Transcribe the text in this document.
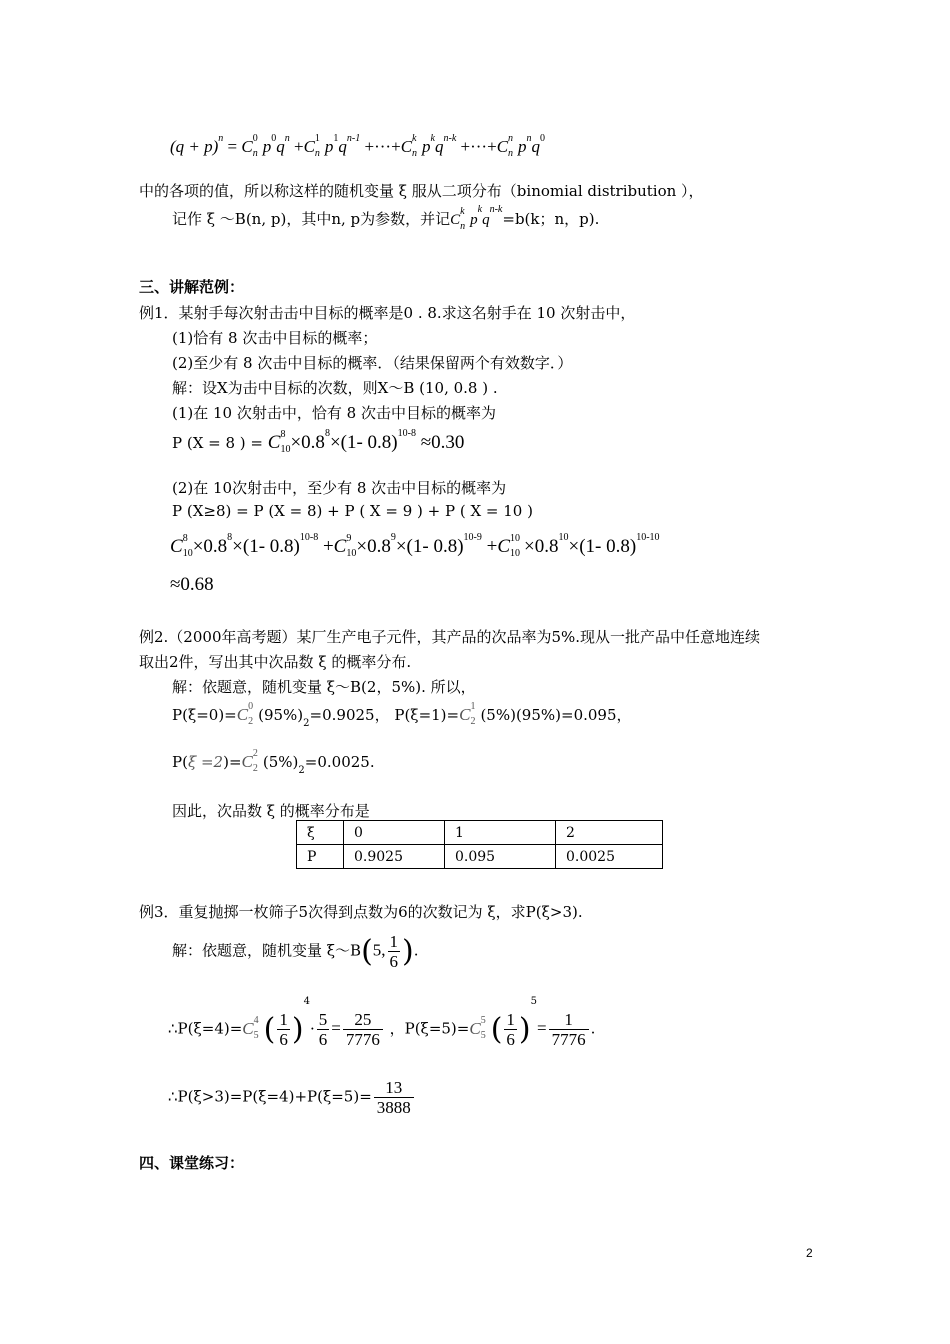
$(q + p)^n = C$ 0
n $p^0q^n +C$ 1
n $p^1q^{n-1} +\cdot\cdot\cdot+C$ k
n $p^kq^{n-k} +\cdot\cdot\cdot+C$ n
n $p^nq^0$
中的各项的值，所以称这样的随机变量 ξ 服从二项分布（binomial distribution ），
记作 ξ ～B(n, p)，其中n, p为参数，并记C
k
n $p^kq^{n-k}=b(k$；n，p).
三、讲解范例：
例1．某射手每次射击击中目标的概率是0 . 8.求这名射手在 10 次射击中，
(1)恰有 8 次击中目标的概率；
(2)至少有 8 次击中目标的概率．（结果保留两个有效数字．）
解：设X为击中目标的次数，则X～B (10, 0.8 ) .
(1)在 10 次射击中，恰有 8 次击中目标的概率为
P (X = 8 ) = C 8
$10 \times 0.8^8\times(1-$ 0.8)$^{10-8}$ ≈0.30
(2)在 10次射击中，至少有 8 次击中目标的概率为
P (X≥8) = P (X = 8) + P ( X = 9 ) + P ( X = 10 )
C 8
$10 \times 0.8^8\times(1-$ 0.8)$^{10-8}$ +C 9
$10 \times 0.8^9\times(1-$ 0.8)$^{10-9}$ +C 10
$10 \times 0.8^{10}\times(1-$ 0.8)$^{10-10}$
≈0.68
例2.（2000年高考题）某厂生产电子元件，其产品的次品率为5%.现从一批产品中任意地连续
取出2件，写出其中次品数 ξ 的概率分布.
解：依题意，随机变量 ξ～B(2，5%). 所以，
P(ξ=0)=C 0
2 $(95\%)_2=0.9025$， P(ξ=1)=C 1
2 (5%)(95%)=0.095，
P(ξ =2)=C 2
2 $(5\%)_2=0.0025$.
因此，次品数 ξ 的概率分布是
ξ	0	1	2
P	0.9025	0.095	0.0025
例3．重复抛掷一枚筛子5次得到点数为6的次数记为 ξ，求P(ξ>3).
解：依题意，随机变量 ξ～B(5, $\frac{1}{6}$ ).
∴P(ξ=4)=C 4
5 ( $\frac{1}{6} )^4\cdot \frac{5}{6} = \frac{25}{7776}$ ，P(ξ=5)=C 5
5 ( $\frac{1}{6} )^5= \frac{1}{7776}$ .
∴P(ξ>3)=P(ξ=4)+P(ξ=5)= $\frac{13}{3888}$
四、课堂练习：
2
